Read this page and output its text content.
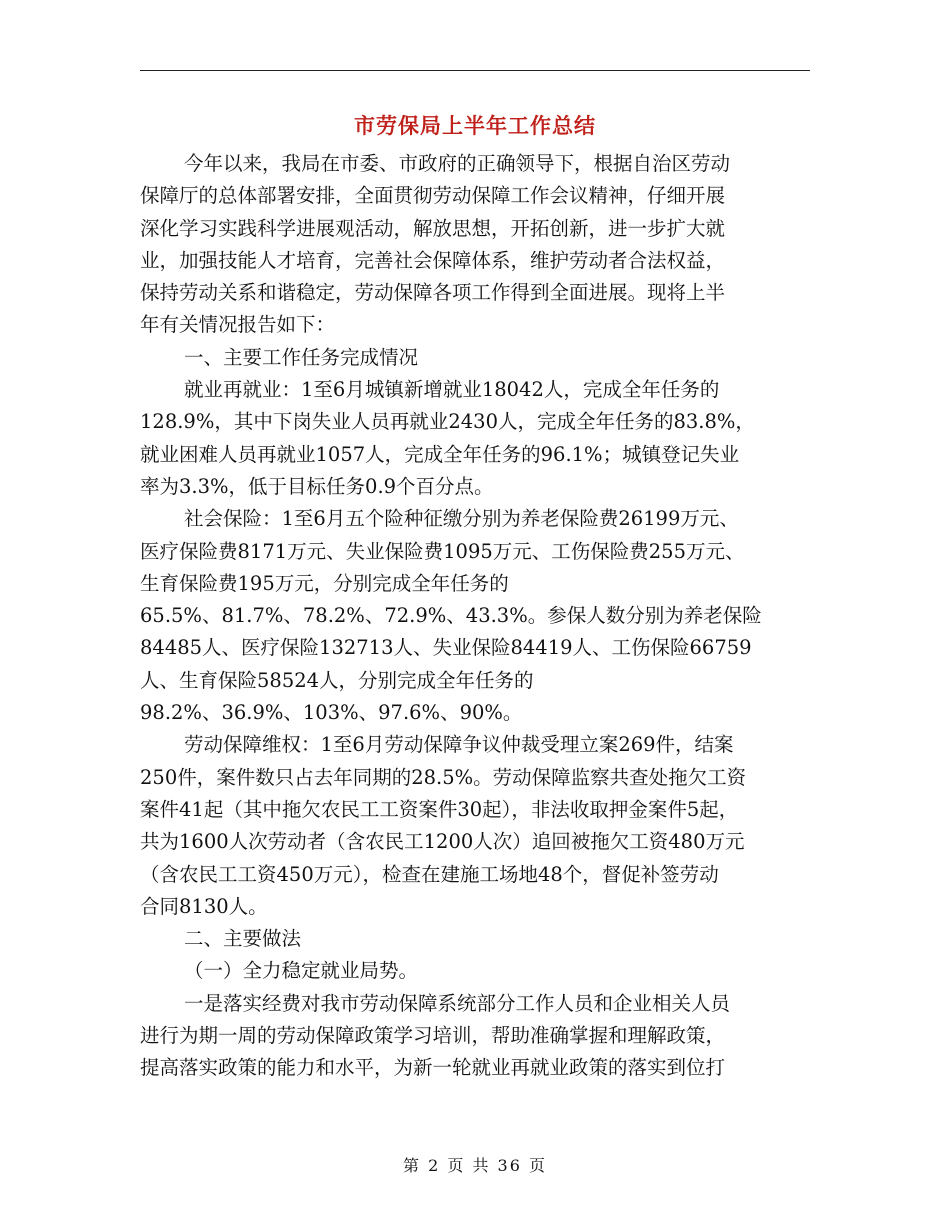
市劳保局上半年工作总结
今年以来，我局在市委、市政府的正确领导下，根据自治区劳动
保障厅的总体部署安排，全面贯彻劳动保障工作会议精神，仔细开展
深化学习实践科学进展观活动，解放思想，开拓创新，进一步扩大就
业，加强技能人才培育，完善社会保障体系，维护劳动者合法权益，
保持劳动关系和谐稳定，劳动保障各项工作得到全面进展。现将上半
年有关情况报告如下：
一、主要工作任务完成情况
就业再就业：1至6月城镇新增就业18042人，完成全年任务的
128.9%，其中下岗失业人员再就业2430人，完成全年任务的83.8%，
就业困难人员再就业1057人，完成全年任务的96.1%；城镇登记失业
率为3.3%，低于目标任务0.9个百分点。
社会保险：1至6月五个险种征缴分别为养老保险费26199万元、
医疗保险费8171万元、失业保险费1095万元、工伤保险费255万元、
生育保险费195万元，分别完成全年任务的
65.5%、81.7%、78.2%、72.9%、43.3%。参保人数分别为养老保险
84485人、医疗保险132713人、失业保险84419人、工伤保险66759
人、生育保险58524人，分别完成全年任务的
98.2%、36.9%、103%、97.6%、90%。
劳动保障维权：1至6月劳动保障争议仲裁受理立案269件，结案
250件，案件数只占去年同期的28.5%。劳动保障监察共查处拖欠工资
案件41起（其中拖欠农民工工资案件30起），非法收取押金案件5起，
共为1600人次劳动者（含农民工1200人次）追回被拖欠工资480万元
（含农民工工资450万元），检查在建施工场地48个，督促补签劳动
合同8130人。
二、主要做法
（一）全力稳定就业局势。
一是落实经费对我市劳动保障系统部分工作人员和企业相关人员
进行为期一周的劳动保障政策学习培训，帮助准确掌握和理解政策，
提高落实政策的能力和水平，为新一轮就业再就业政策的落实到位打
第 2 页 共 36 页
